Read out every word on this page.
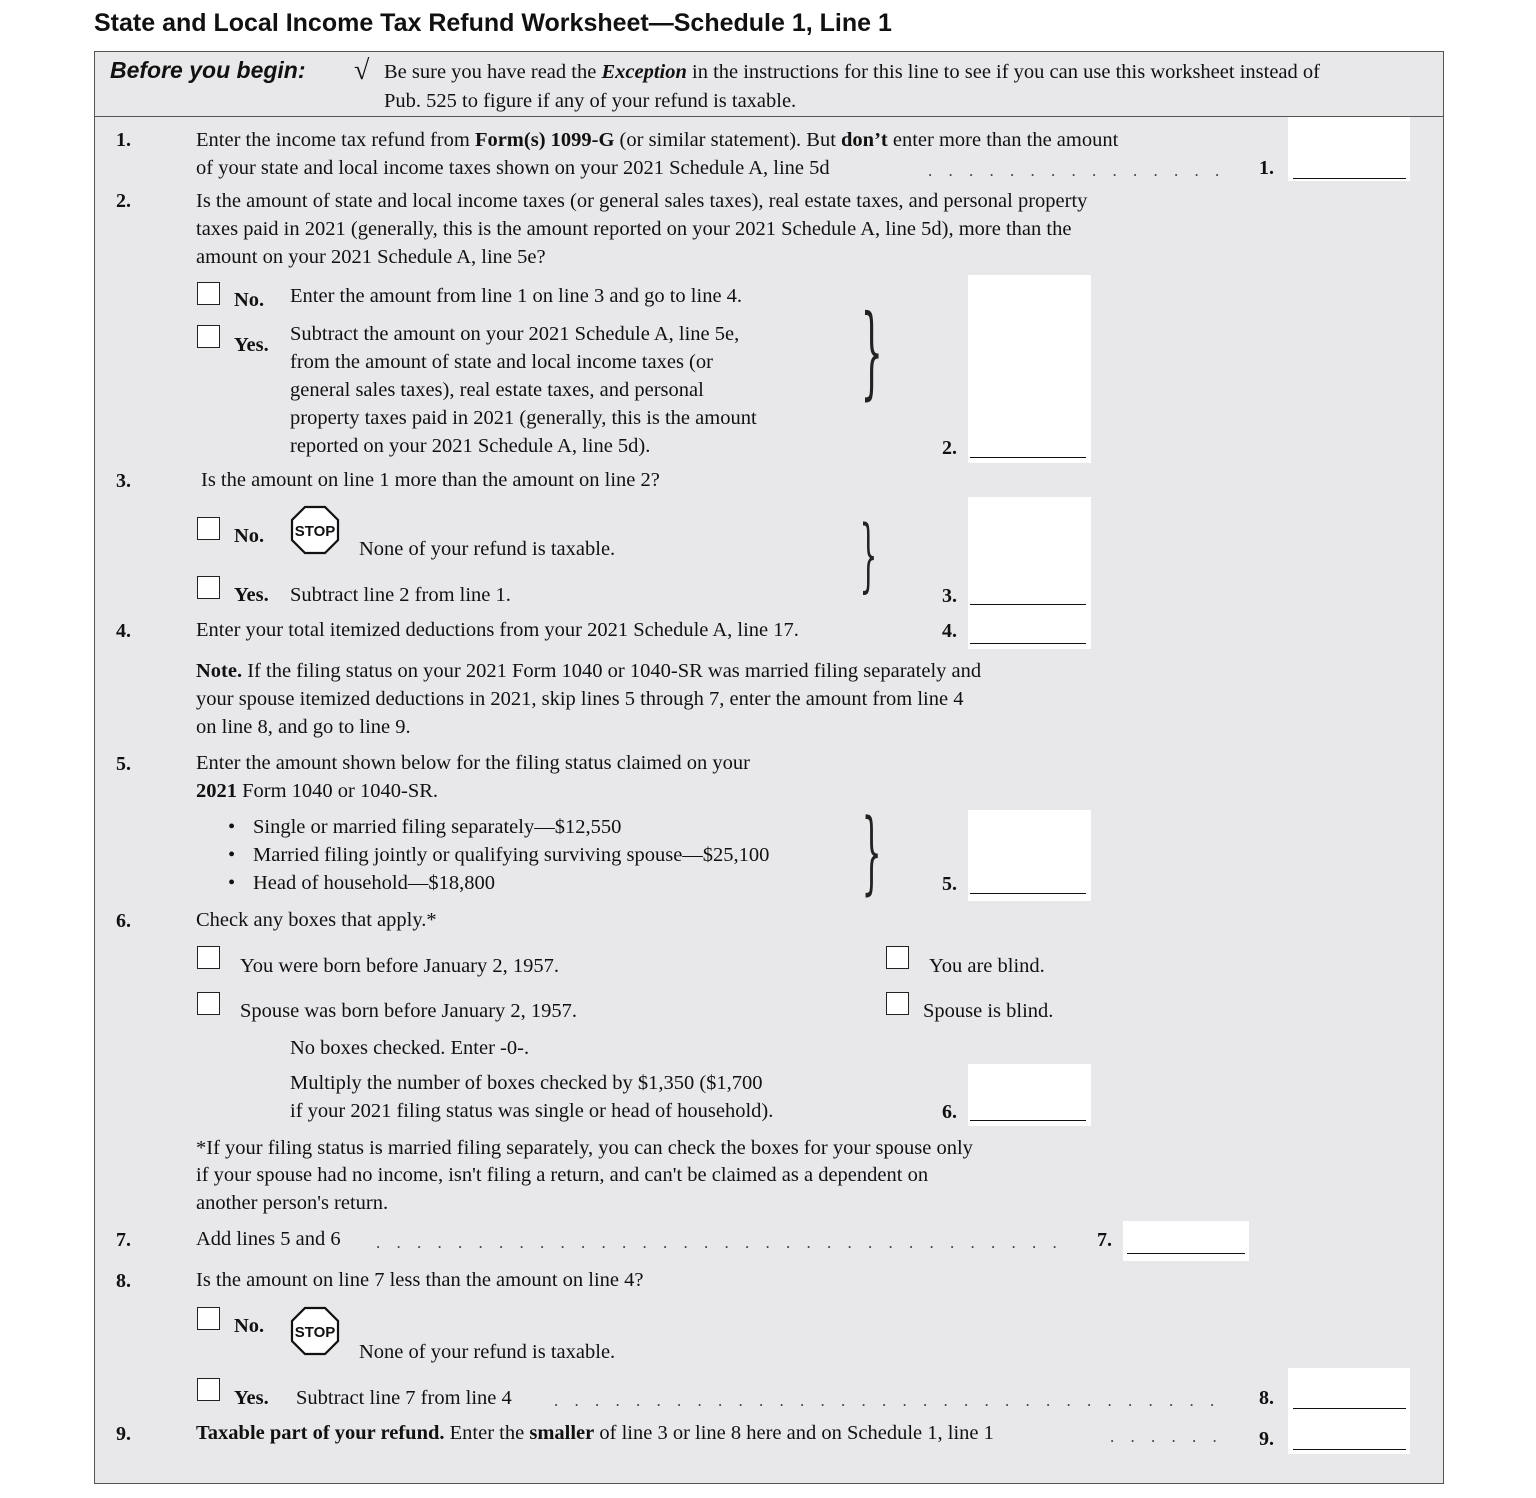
State and Local Income Tax Refund Worksheet—Schedule 1, Line 1
Before you begin: √ Be sure you have read the Exception in the instructions for this line to see if you can use this worksheet instead of
Pub. 525 to figure if any of your refund is taxable.
1.	Enter the income tax refund from Form(s) 1099-G (or similar statement). But don’t enter more than the amount
of your state and local income taxes shown on your 2021 Schedule A, line 5d	. . . . . . . . . . . . . . .	1.
2.	Is the amount of state and local income taxes (or general sales taxes), real estate taxes, and personal property
taxes paid in 2021 (generally, this is the amount reported on your 2021 Schedule A, line 5d), more than the
amount on your 2021 Schedule A, line 5e?
No. Enter the amount from line 1 on line 3 and go to line 4.
Yes. Subtract the amount on your 2021 Schedule A, line 5e,
from the amount of state and local income taxes (or
general sales taxes), real estate taxes, and personal
property taxes paid in 2021 (generally, this is the amount
reported on your 2021 Schedule A, line 5d).
}
2.
3.	Is the amount on line 1 more than the amount on line 2?
No. STOP
None of your refund is taxable.
Yes. Subtract line 2 from line 1.	}	3.
4.	Enter your total itemized deductions from your 2021 Schedule A, line 17.	4.
Note. If the filing status on your 2021 Form 1040 or 1040-SR was married filing separately and
your spouse itemized deductions in 2021, skip lines 5 through 7, enter the amount from line 4
on line 8, and go to line 9.
5.	Enter the amount shown below for the filing status claimed on your
2021 Form 1040 or 1040-SR.
• Single or married filing separately—$12,550
• Married filing jointly or qualifying surviving spouse—$25,100
• Head of household—$18,800	}	5.
6.	Check any boxes that apply.*
You were born before January 2, 1957.	You are blind.
Spouse was born before January 2, 1957.	Spouse is blind.
No boxes checked. Enter -0-.
Multiply the number of boxes checked by $1,350 ($1,700
if your 2021 filing status was single or head of household).	6.
*If your filing status is married filing separately, you can check the boxes for your spouse only
if your spouse had no income, isn't filing a return, and can't be claimed as a dependent on
another person's return.
7.	Add lines 5 and 6 . . . . . . . . . . . . . . . . . . . . . . . . . . . . . . . . . .	7.
8.	Is the amount on line 7 less than the amount on line 4?
No. STOP
None of your refund is taxable.
Yes. Subtract line 7 from line 4 . . . . . . . . . . . . . . . . . . . . . . . . . . . . . . . . .	8.
9.	Taxable part of your refund. Enter the smaller of line 3 or line 8 here and on Schedule 1, line 1	. . . . . .	9.
